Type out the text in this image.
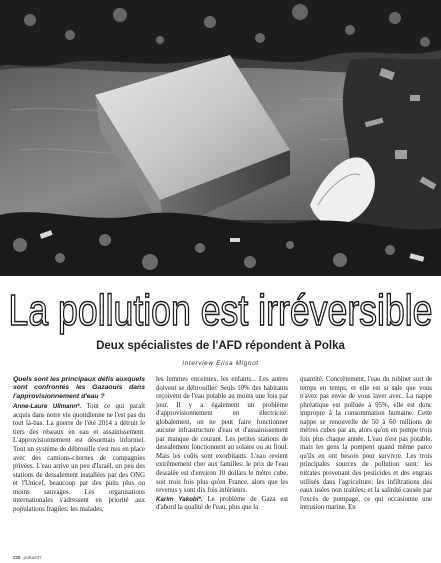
La pollution est irréversible
Deux spécialistes de l'AFD répondent à Polka
Interview Elisa Mignot

Quels sont les principaux défis auxquels sont confrontés les Gazaouis dans l'approvisionnement d'eau ?

Anne-Laure Ullmann*. Tout ce qui paraît acquis dans notre vie quotidienne ne l'est pas du tout là-bas. La guerre de l'été 2014 a détruit le tiers des réseaux en eau et assainissement. L'approvisionnement est désormais informel. Tout un système de débrouille s'est mis en place avec des camions-citernes de compagnies privées. L'eau arrive un peu d'Israël, un peu des stations de dessalement installées par des ONG et l'Unicef, beaucoup par des puits plus ou moins sauvages. Les organisations internationales s'adressent en priorité aux populations fragiles: les malades,

les femmes enceintes, les enfants... Les autres doivent se débrouiller. Seuls 10% des habitants reçoivent de l'eau potable au moins une fois par jour. Il y a également un problème d'approvisionnement en électricité: globalement, on ne peut faire fonctionner aucune infrastructure d'eau et d'assainissement par manque de courant. Les petites stations de dessalement fonctionnent au solaire ou au fioul. Mais les coûts sont exorbitants. L'eau revient extrêmement cher aux familles: le prix de l'eau dessalée est d'environ 10 dollars le mètre cube, soit trois fois plus qu'en France, alors que les revenus y sont dix fois inférieurs.

Karim Yakobi*. Le problème de Gaza est d'abord la qualité de l'eau, plus que la

quantité. Concrètement, l'eau du robinet sort de temps en temps, et elle est si sale que vous n'avez pas envie de vous laver avec. La nappe phréatique est polluée à 95%, elle est donc impropre à la consommation humaine. Cette nappe se renouvelle de 50 à 60 millions de mètres cubes par an, alors qu'on en pompe trois fois plus chaque année. L'eau n'est pas potable, mais les gens la pompent quand même parce qu'ils en ont besoin pour survivre. Les trois principales sources de pollution sont: les nitrates provenant des pesticides et des engrais utilisés dans l'agriculture; les infiltrations des eaux usées non traitées; et la salinité causée par l'excès de pompage, ce qui occasionne une intrusion marine. En

228 polka#37
